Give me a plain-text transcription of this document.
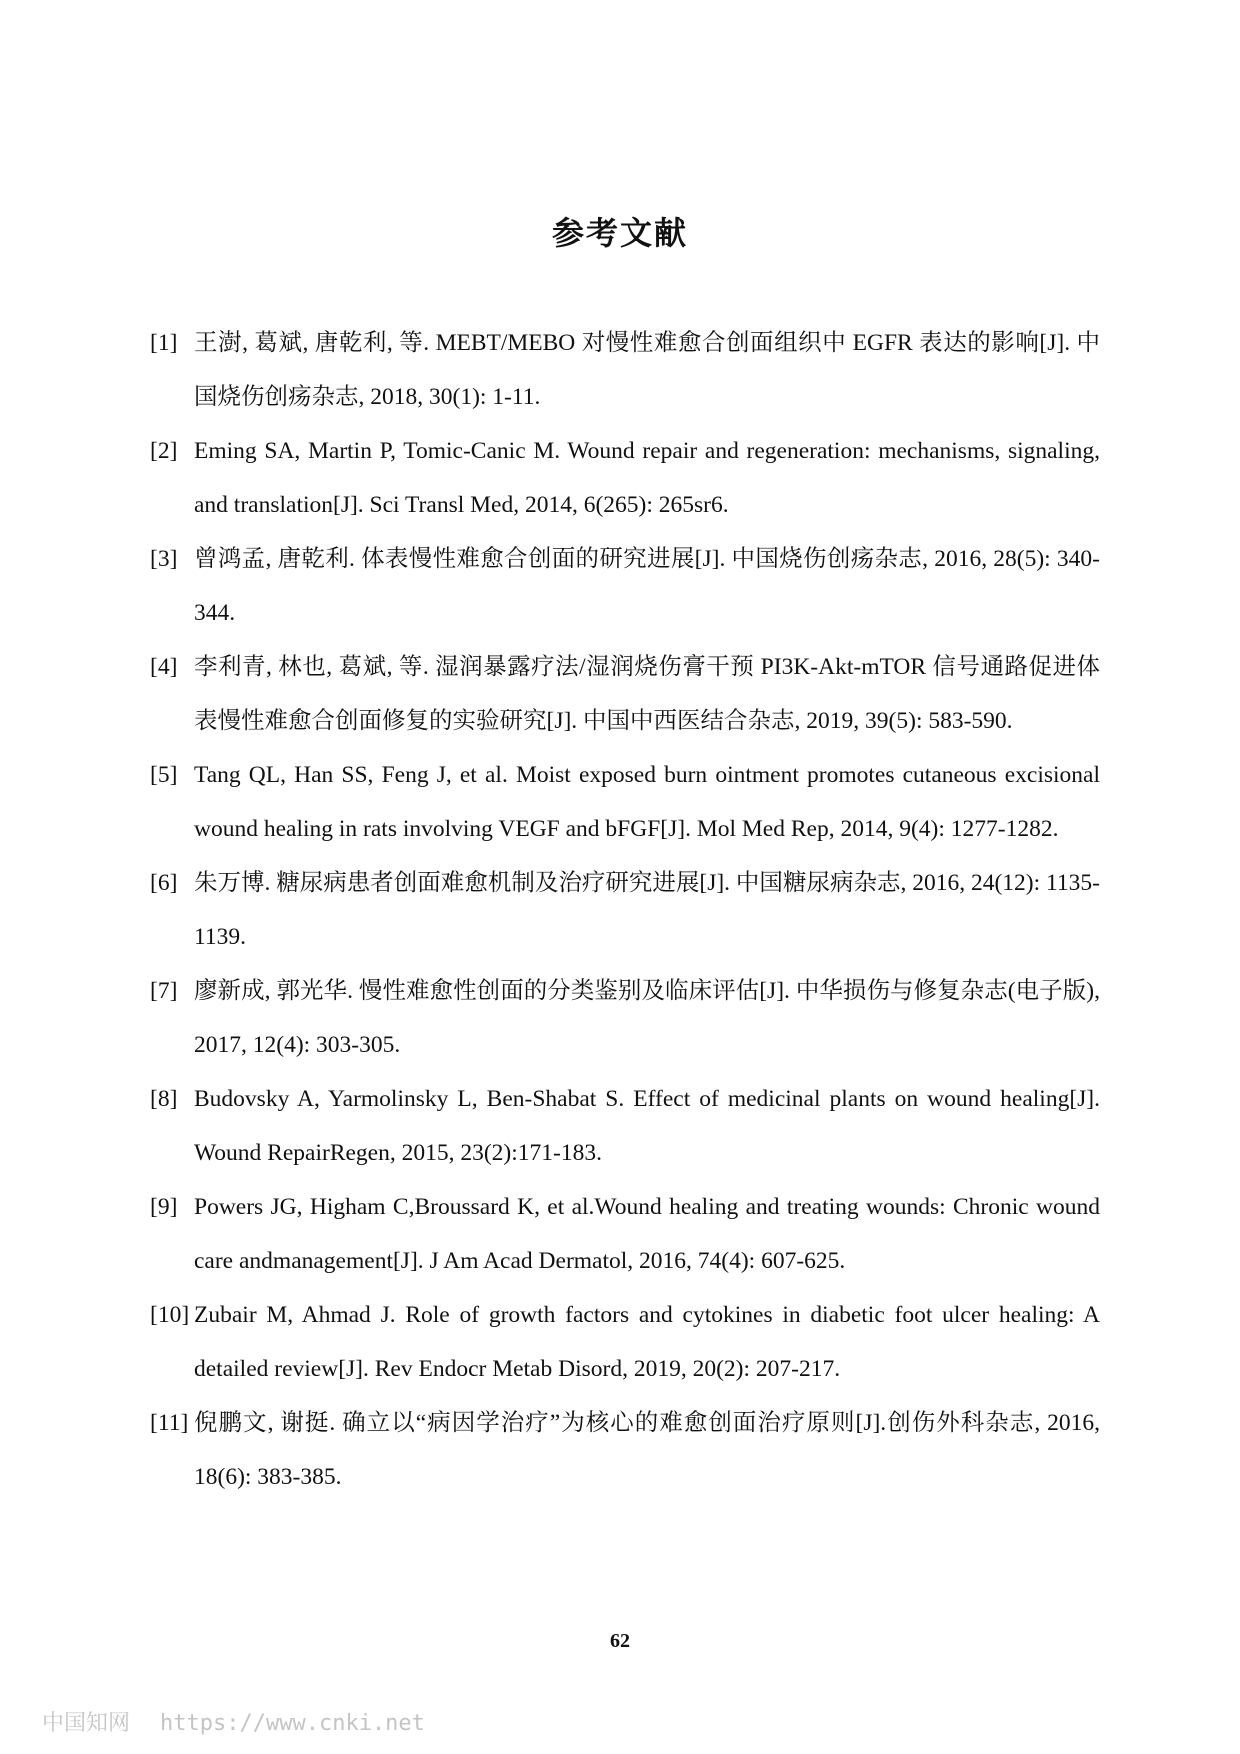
参考文献
[1] 王澍, 葛斌, 唐乾利, 等. MEBT/MEBO 对慢性难愈合创面组织中 EGFR 表达的影响[J]. 中国烧伤创疡杂志, 2018, 30(1): 1-11.
[2] Eming SA, Martin P, Tomic-Canic M. Wound repair and regeneration: mechanisms, signaling, and translation[J]. Sci Transl Med, 2014, 6(265): 265sr6.
[3] 曾鸿孟, 唐乾利. 体表慢性难愈合创面的研究进展[J]. 中国烧伤创疡杂志, 2016, 28(5): 340-344.
[4] 李利青, 林也, 葛斌, 等. 湿润暴露疗法/湿润烧伤膏干预 PI3K-Akt-mTOR 信号通路促进体表慢性难愈合创面修复的实验研究[J]. 中国中西医结合杂志, 2019, 39(5): 583-590.
[5] Tang QL, Han SS, Feng J, et al. Moist exposed burn ointment promotes cutaneous excisional wound healing in rats involving VEGF and bFGF[J]. Mol Med Rep, 2014, 9(4): 1277-1282.
[6] 朱万博. 糖尿病患者创面难愈机制及治疗研究进展[J]. 中国糖尿病杂志, 2016, 24(12): 1135-1139.
[7] 廖新成, 郭光华. 慢性难愈性创面的分类鉴别及临床评估[J]. 中华损伤与修复杂志(电子版), 2017, 12(4): 303-305.
[8] Budovsky A, Yarmolinsky L, Ben-Shabat S. Effect of medicinal plants on wound healing[J]. Wound RepairRegen, 2015, 23(2):171-183.
[9] Powers JG, Higham C,Broussard K, et al.Wound healing and treating wounds: Chronic wound care andmanagement[J]. J Am Acad Dermatol, 2016, 74(4): 607-625.
[10] Zubair M, Ahmad J. Role of growth factors and cytokines in diabetic foot ulcer healing: A detailed review[J]. Rev Endocr Metab Disord, 2019, 20(2): 207-217.
[11] 倪鹏文, 谢挺. 确立以“病因学治疗”为核心的难愈创面治疗原则[J].创伤外科杂志, 2016, 18(6): 383-385.
62
中国知网 https://www.cnki.net
